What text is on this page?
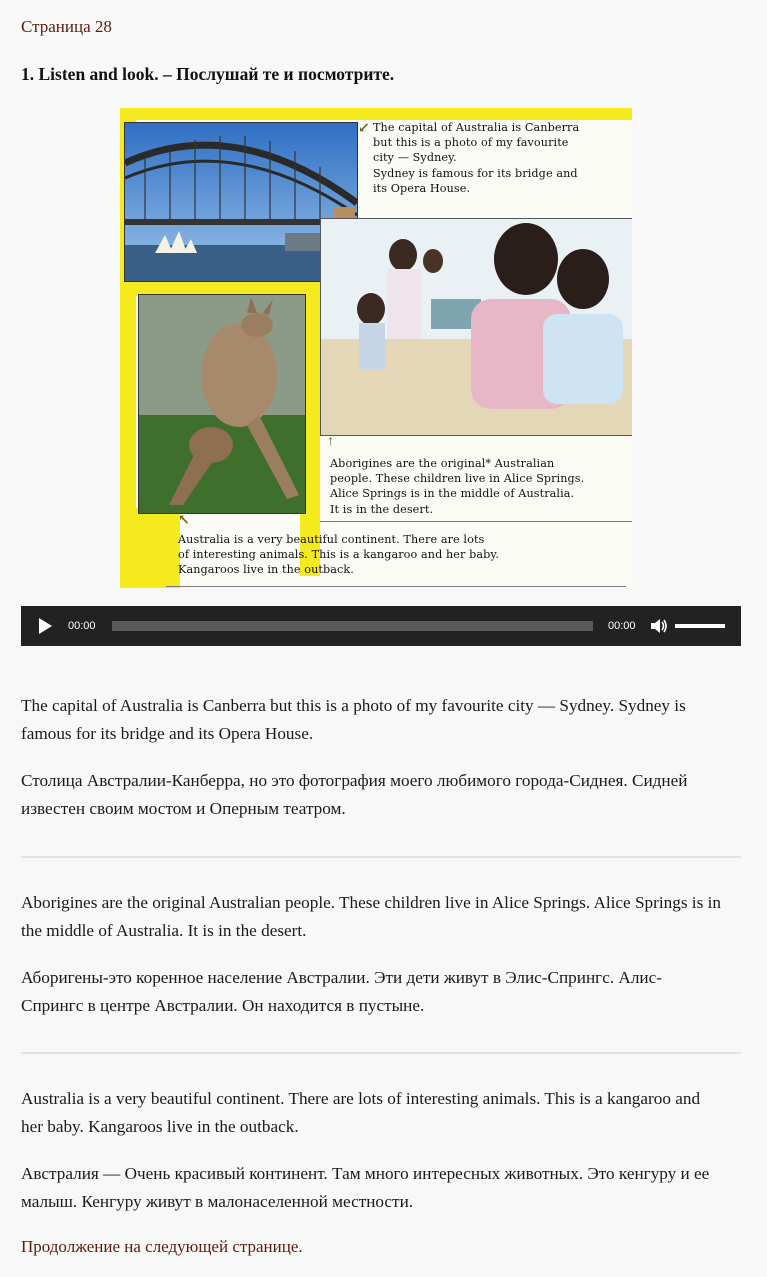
Страница 28
1. Listen and look. – Послушай те и посмотрите.
↙ The capital of Australia is Canberra
but this is a photo of my favourite
city — Sydney.
Sydney is famous for its bridge and
its Opera House.
↑
Aborigines are the original* Australian
people. These children live in Alice Springs.
Alice Springs is in the middle of Australia.
It is in the desert.
↖
Australia is a very beautiful continent. There are lots
of interesting animals. This is a kangaroo and her baby.
Kangaroos live in the outback.
00:00	00:00

The capital of Australia is Canberra but this is a photo of my favourite city — Sydney. Sydney is famous for its bridge and its Opera House.

Столица Австралии-Канберра, но это фотография моего любимого города-Сиднея. Сидней известен своим мостом и Оперным театром.

Aborigines are the original Australian people. These children live in Alice Springs. Alice Springs is in the middle of Australia. It is in the desert.

Аборигены-это коренное население Австралии. Эти дети живут в Элис-Спрингс. Алис-Спрингс в центре Австралии. Он находится в пустыне.

Australia is a very beautiful continent. There are lots of interesting animals. This is a kangaroo and her baby. Kangaroos live in the outback.

Австралия — Очень красивый континент. Там много интересных животных. Это кенгуру и ее малыш. Кенгуру живут в малонаселенной местности.

Продолжение на следующей странице.
